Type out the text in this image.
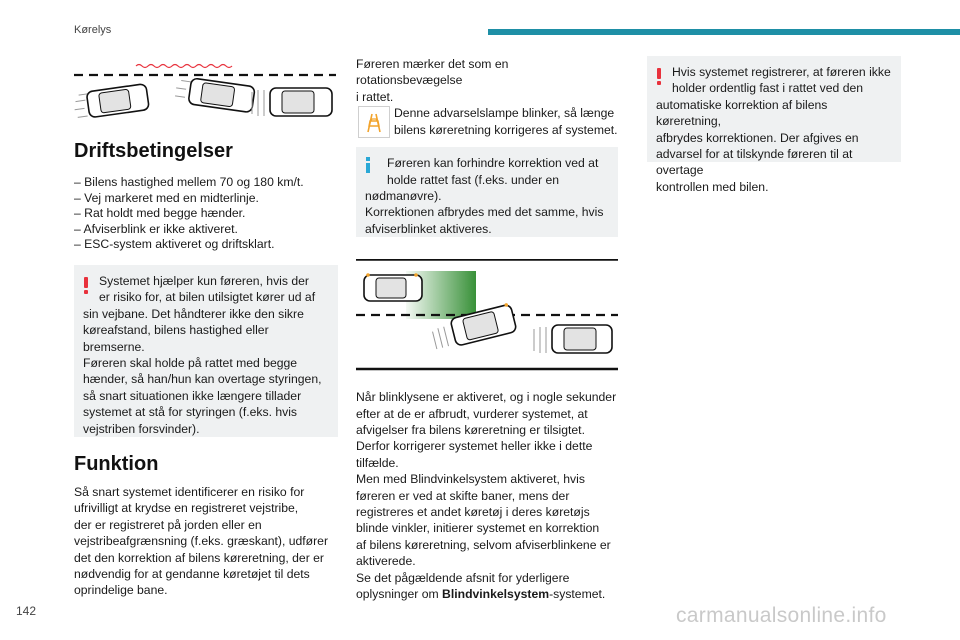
Kørelys
Driftsbetingelser
– Bilens hastighed mellem 70 og 180 km/t.
– Vej markeret med en midterlinje.
– Rat holdt med begge hænder.
– Afviserblink er ikke aktiveret.
– ESC-system aktiveret og driftsklart.
Systemet hjælper kun føreren, hvis der
er risiko for, at bilen utilsigtet kører ud af
sin vejbane. Det håndterer ikke den sikre
køreafstand, bilens hastighed eller
bremserne.
Føreren skal holde på rattet med begge
hænder, så han/hun kan overtage styringen,
så snart situationen ikke længere tillader
systemet at stå for styringen (f.eks. hvis
vejstriben forsvinder).
Funktion
Så snart systemet identificerer en risiko for
ufrivilligt at krydse en registreret vejstribe,
der er registreret på jorden eller en
vejstribeafgrænsning (f.eks. græskant), udfører
det den korrektion af bilens køreretning, der er
nødvendig for at gendanne køretøjet til dets
oprindelige bane.
Føreren mærker det som en rotationsbevægelse
i rattet.
Denne advarselslampe blinker, så længe
bilens køreretning korrigeres af systemet.
Føreren kan forhindre korrektion ved at
holde rattet fast (f.eks. under en
nødmanøvre).
Korrektionen afbrydes med det samme, hvis
afviserblinket aktiveres.
Når blinklysene er aktiveret, og i nogle sekunder
efter at de er afbrudt, vurderer systemet, at
afvigelser fra bilens køreretning er tilsigtet.
Derfor korrigerer systemet heller ikke i dette
tilfælde.
Men med Blindvinkelsystem aktiveret, hvis
føreren er ved at skifte baner, mens der
registreres et andet køretøj i deres køretøjs
blinde vinkler, initierer systemet en korrektion
af bilens køreretning, selvom afviserblinkene er
aktiverede.
Se det pågældende afsnit for yderligere
oplysninger om Blindvinkelsystem-systemet.
Hvis systemet registrerer, at føreren ikke
holder ordentlig fast i rattet ved den
automatiske korrektion af bilens køreretning,
afbrydes korrektionen. Der afgives en
advarsel for at tilskynde føreren til at overtage
kontrollen med bilen.
142	carmanualsonline.info
